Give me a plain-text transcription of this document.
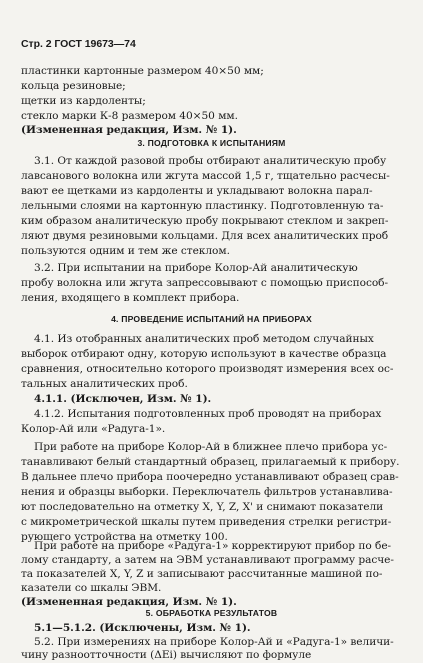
Стр. 2 ГОСТ 19673—74
пластинки картонные размером 40×50 мм;
кольца резиновые;
щетки из кардоленты;
стекло марки К-8 размером 40×50 мм.
(Измененная редакция, Изм. № 1).
3. ПОДГОТОВКА К ИСПЫТАНИЯМ
3.1. От каждой разовой пробы отбирают аналитическую пробу
лавсанового волокна или жгута массой 1,5 г, тщательно расчесы-
вают ее щетками из кардоленты и укладывают волокна парал-
лельными слоями на картонную пластинку. Подготовленную та-
ким образом аналитическую пробу покрывают стеклом и закреп-
ляют двумя резиновыми кольцами. Для всех аналитических проб
пользуются одним и тем же стеклом.
3.2. При испытании на приборе Колор-Ай аналитическую
пробу волокна или жгута запрессовывают с помощью приспособ-
ления, входящего в комплект прибора.
4. ПРОВЕДЕНИЕ ИСПЫТАНИЙ НА ПРИБОРАХ
4.1. Из отобранных аналитических проб методом случайных
выборок отбирают одну, которую используют в качестве образца
сравнения, относительно которого производят измерения всех ос-
тальных аналитических проб.
4.1.1. (Исключен, Изм. № 1).
4.1.2. Испытания подготовленных проб проводят на приборах
Колор-Ай или «Радуга-1».
При работе на приборе Колор-Ай в ближнее плечо прибора ус-
танавливают белый стандартный образец, прилагаемый к прибору.
В дальнее плечо прибора поочередно устанавливают образец срав-
нения и образцы выборки. Переключатель фильтров устанавлива-
ют последовательно на отметку X, Y, Z, X' и снимают показатели
с микрометрической шкалы путем приведения стрелки регистри-
рующего устройства на отметку 100.
При работе на приборе «Радуга-1» корректируют прибор по бе-
лому стандарту, а затем на ЭВМ устанавливают программу расче-
та показателей X, Y, Z и записывают рассчитанные машиной по-
казатели со шкалы ЭВМ.
(Измененная редакция, Изм. № 1).
5. ОБРАБОТКА РЕЗУЛЬТАТОВ
5.1—5.1.2. (Исключены, Изм. № 1).
5.2. При измерениях на приборе Колор-Ай и «Радуга-1» величи-
чину разноотточности (ΔEi) вычисляют по формуле
